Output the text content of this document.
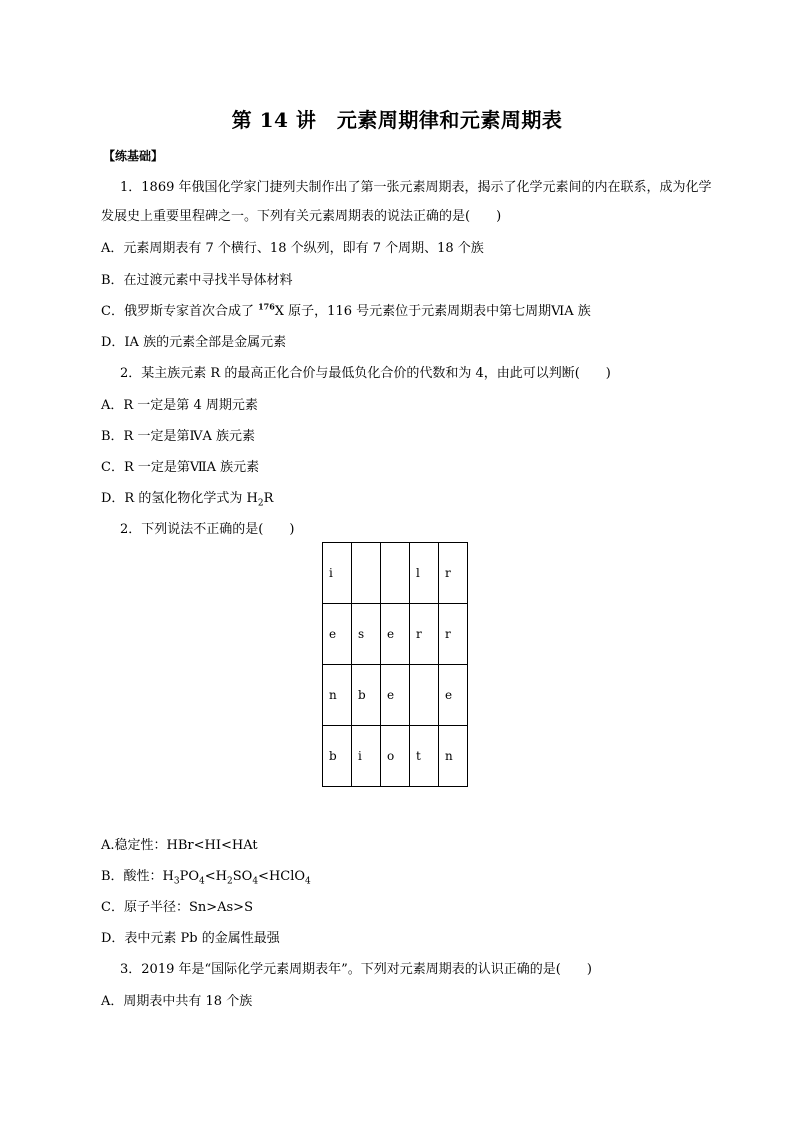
第 14 讲　元素周期律和元素周期表
【练基础】
1．1869 年俄国化学家门捷列夫制作出了第一张元素周期表，揭示了化学元素间的内在联系，成为化学
发展史上重要里程碑之一。下列有关元素周期表的说法正确的是(　　)
A．元素周期表有 7 个横行、18 个纵列，即有 7 个周期、18 个族
B．在过渡元素中寻找半导体材料
C．俄罗斯专家首次合成了 $^{176}$X 原子，116 号元素位于元素周期表中第七周期ⅥA 族
D．ⅠA 族的元素全部是金属元素
2．某主族元素 R 的最高正化合价与最低负化合价的代数和为 4，由此可以判断(　　)
A．R 一定是第 4 周期元素
B．R 一定是第ⅣA 族元素
C．R 一定是第ⅦA 族元素
D．R 的氢化物化学式为 $H_2R$
2．下列说法不正确的是(　　)
i			l	r
e	s	e	r	r
n	b	e		e
b	i	o	t	n
A.稳定性：HBr<HI<HAt
B．酸性：$H_3PO_4<H_2SO_4<HClO_4$
C．原子半径：Sn>As>S
D．表中元素 Pb 的金属性最强
3．2019 年是“国际化学元素周期表年”。下列对元素周期表的认识正确的是(　　)
A．周期表中共有 18 个族
